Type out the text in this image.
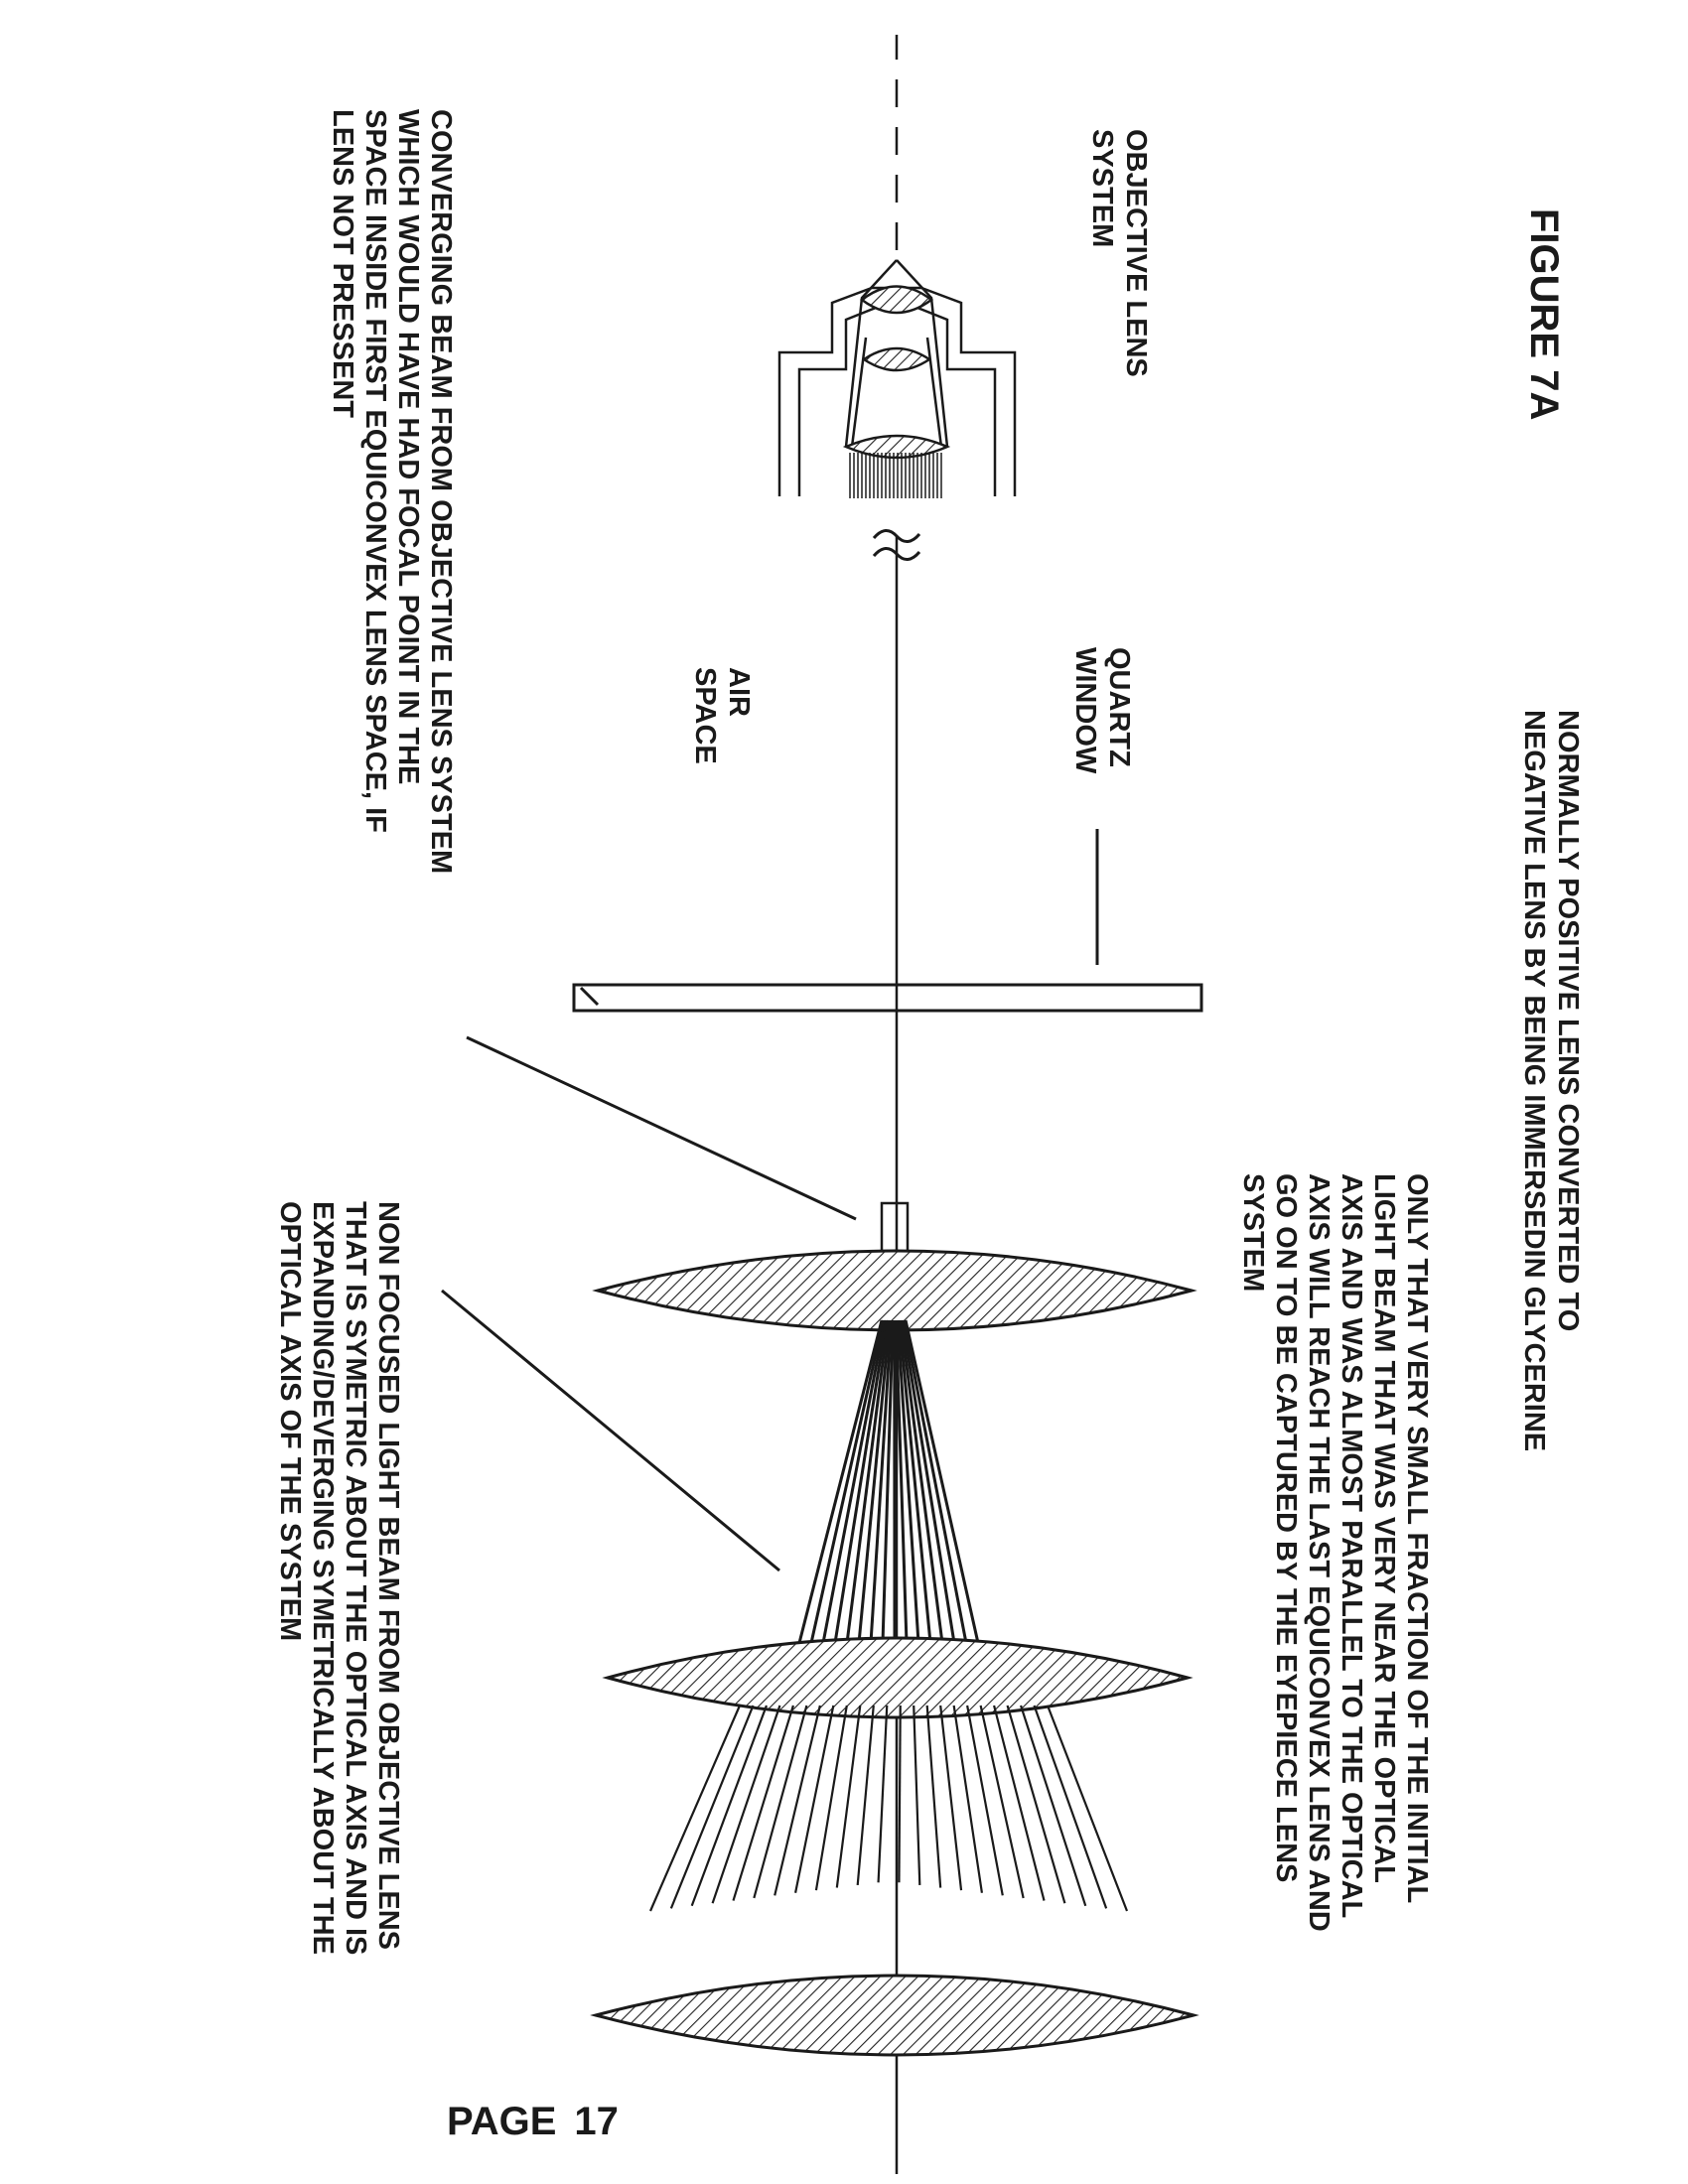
FIGURE 7A
NORMALLY POSITIVE LENS CONVERTED TONEGATIVE LENS BY BEING IMMERSEDIN GLYCERINE
OBJECTIVE LENSSYSTEM
QUARTZWINDOW
AIRSPACE
ONLY THAT VERY SMALL FRACTION OF THE INITIAL LIGHT BEAM THAT WAS VERY NEAR THE OPTICAL AXIS AND WAS ALMOST PARALLEL TO THE OPTICAL AXIS WILL REACH THE LAST EQUICONVEX LENS AND GO ON TO BE CAPTURED BY THE EYEPIECE LENS SYSTEM
CONVERGING BEAM FROM OBJECTIVE LENS SYSTEM WHICH WOULD HAVE HAD FOCAL POINT IN THE SPACE INSIDE FIRST EQUICONVEX LENS SPACE, IF LENS NOT PRESSENT
NON FOCUSED LIGHT BEAM FROM OBJECTIVE LENS THAT IS SYMETRIC ABOUT THE OPTICAL AXIS AND IS EXPANDING/DEVERGING SYMETRICALLY ABOUT THE OPTICAL AXIS OF THE SYSTEM
PAGE 17
